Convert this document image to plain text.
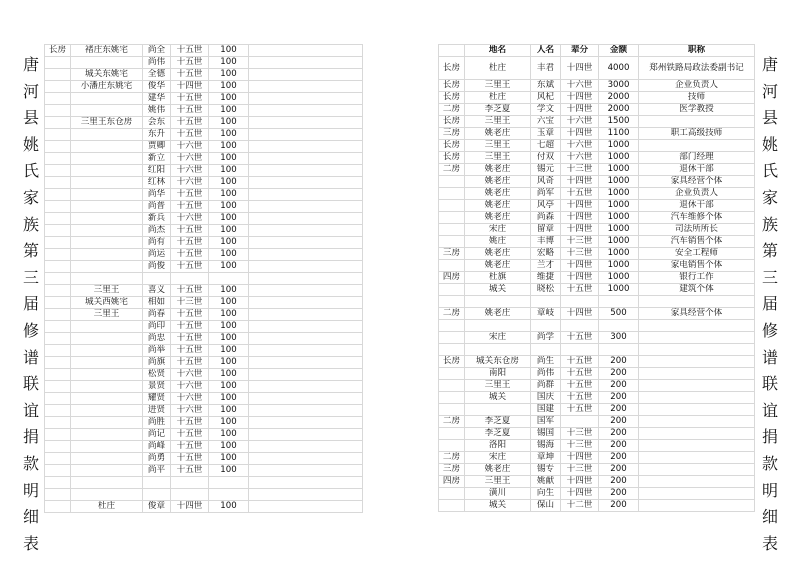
唐
河
县
姚
氏
家
族
第
三
届
修
谱
联
谊
捐
款
明
细
表
长房	褚庄东姚宅	尚全	十五世	100	
		尚伟	十五世	100	
	城关东姚宅	全德	十五世	100	
	小潘庄东姚宅	俊华	十四世	100	
		建华	十五世	100	
		姚伟	十五世	100	
	三里王东仓房	会东	十五世	100	
		东升	十五世	100	
		贾卿	十六世	100	
		新立	十六世	100	
		红阳	十六世	100	
		红林	十六世	100	
		尚华	十五世	100	
		尚普	十五世	100	
		新兵	十六世	100	
		尚杰	十五世	100	
		尚有	十五世	100	
		尚运	十五世	100	
		尚俊	十五世	100	

	三里王	喜义	十五世	100	
	城关西姚宅	相如	十三世	100	
	三里王	尚春	十五世	100	
		尚印	十五世	100	
		尚忠	十五世	100	
		尚举	十五世	100	
		尚旗	十五世	100	
		松贤	十六世	100	
		景贤	十六世	100	
		耀贤	十六世	100	
		进贤	十六世	100	
		尚胜	十五世	100	
		尚记	十五世	100	
		尚峰	十五世	100	
		尚勇	十五世	100	
		尚平	十五世	100	

	杜庄	俊章	十四世	100	
	地名	人名	辈分	金额	职称
长房	杜庄	丰君	十四世	4000	郑州铁路局政法委副书记
长房	三里王	东斌	十六世	3000	企业负责人
长房	杜庄	风杞	十四世	2000	技师
二房	李芝夏	学文	十四世	2000	医学教授
长房	三里王	六宝	十六世	1500	
三房	姚老庄	玉章	十四世	1100	职工高级技师
长房	三里王	七超	十六世	1000	
长房	三里王	付双	十六世	1000	部门经理
二房	姚老庄	锡元	十三世	1000	退休干部
	姚老庄	风奇	十四世	1000	家具经营个体
	姚老庄	尚军	十五世	1000	企业负责人
	姚老庄	风亭	十四世	1000	退休干部
	姚老庄	尚森	十四世	1000	汽车维修个体
	宋庄	留章	十四世	1000	司法所所长
	姚庄	丰博	十三世	1000	汽车销售个体
三房	姚老庄	宏略	十三世	1000	安全工程师
	姚老庄	兰才	十四世	1000	家电销售个体
四房	杜旗	维捷	十四世	1000	银行工作
	城关	晓松	十五世	1000	建筑个体

二房	姚老庄	章岐	十四世	500	家具经营个体

	宋庄	尚学	十五世	300	

长房	城关东仓房	尚生	十五世	200	
	南阳	尚伟	十五世	200	
	三里王	尚群	十五世	200	
	城关	国庆	十五世	200	
		国建	十五世	200	
二房	李芝夏	国军		200	
	李芝夏	锡国	十三世	200	
	洛阳	锡海	十三世	200	
二房	宋庄	章坤	十四世	200	
三房	姚老庄	锡专	十三世	200	
四房	三里王	姚献	十四世	200	
	潢川	向生	十四世	200	
	城关	保山	十二世	200	
唐
河
县
姚
氏
家
族
第
三
届
修
谱
联
谊
捐
款
明
细
表
